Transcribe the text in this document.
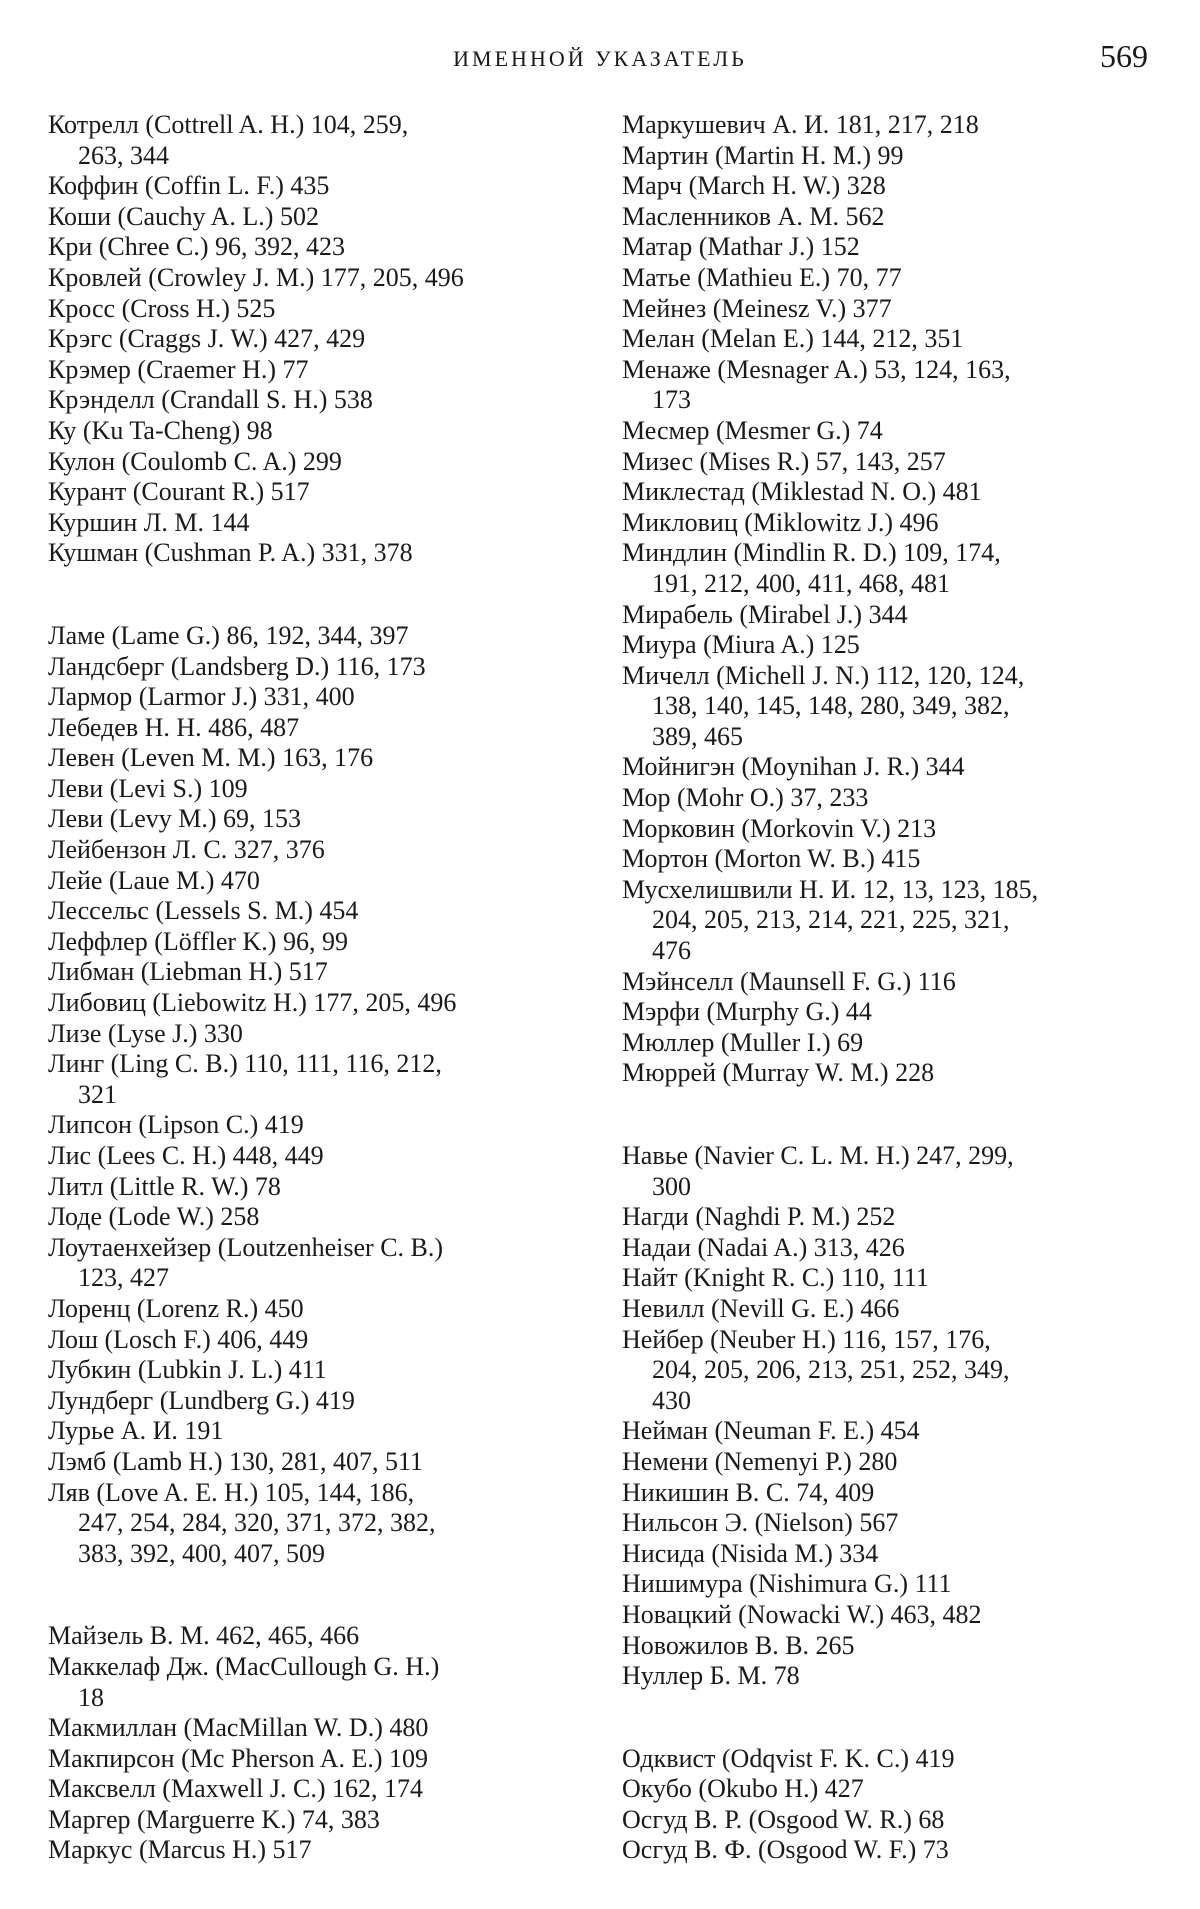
ИМЕННОЙ УКАЗАТЕЛЬ	569
Котрелл (Cottrell A. H.) 104, 259,
263, 344
Коффин (Coffin L. F.) 435
Коши (Cauchy A. L.) 502
Кри (Chree C.) 96, 392, 423
Кровлей (Crowley J. M.) 177, 205, 496
Кросс (Cross H.) 525
Крэгс (Craggs J. W.) 427, 429
Крэмер (Craemer H.) 77
Крэнделл (Crandall S. H.) 538
Ку (Ku Ta-Cheng) 98
Кулон (Coulomb C. A.) 299
Курант (Courant R.) 517
Куршин Л. М. 144
Кушман (Cushman P. A.) 331, 378
Ламе (Lame G.) 86, 192, 344, 397
Ландсберг (Landsberg D.) 116, 173
Лармор (Larmor J.) 331, 400
Лебедев Н. Н. 486, 487
Левен (Leven M. M.) 163, 176
Леви (Levi S.) 109
Леви (Levy M.) 69, 153
Лейбензон Л. С. 327, 376
Лейе (Laue M.) 470
Лессельс (Lessels S. M.) 454
Леффлер (Löffler K.) 96, 99
Либман (Liebman H.) 517
Либовиц (Liebowitz H.) 177, 205, 496
Лизе (Lyse J.) 330
Линг (Ling C. B.) 110, 111, 116, 212,
321
Липсон (Lipson C.) 419
Лис (Lees C. H.) 448, 449
Литл (Little R. W.) 78
Лоде (Lode W.) 258
Лоутаенхейзер (Loutzenheiser C. B.)
123, 427
Лоренц (Lorenz R.) 450
Лош (Losch F.) 406, 449
Лубкин (Lubkin J. L.) 411
Лундберг (Lundberg G.) 419
Лурье А. И. 191
Лэмб (Lamb H.) 130, 281, 407, 511
Ляв (Love A. E. H.) 105, 144, 186,
247, 254, 284, 320, 371, 372, 382,
383, 392, 400, 407, 509
Майзель В. М. 462, 465, 466
Маккелаф Дж. (MacCullough G. H.)
18
Макмиллан (MacMillan W. D.) 480
Макпирсон (Mc Pherson A. E.) 109
Максвелл (Maxwell J. C.) 162, 174
Маргер (Marguerre K.) 74, 383
Маркус (Marcus H.) 517
Маркушевич А. И. 181, 217, 218
Мартин (Martin H. M.) 99
Марч (March H. W.) 328
Масленников А. М. 562
Матар (Mathar J.) 152
Матье (Mathieu E.) 70, 77
Мейнез (Meinesz V.) 377
Мелан (Melan E.) 144, 212, 351
Менаже (Mesnager A.) 53, 124, 163,
173
Месмер (Mesmer G.) 74
Мизес (Mises R.) 57, 143, 257
Миклестад (Miklestad N. O.) 481
Микловиц (Miklowitz J.) 496
Миндлин (Mindlin R. D.) 109, 174,
191, 212, 400, 411, 468, 481
Мирабель (Mirabel J.) 344
Миура (Miura A.) 125
Мичелл (Michell J. N.) 112, 120, 124,
138, 140, 145, 148, 280, 349, 382,
389, 465
Мойнигэн (Moynihan J. R.) 344
Мор (Mohr O.) 37, 233
Морковин (Morkovin V.) 213
Мортон (Morton W. B.) 415
Мусхелишвили Н. И. 12, 13, 123, 185,
204, 205, 213, 214, 221, 225, 321,
476
Мэйнселл (Maunsell F. G.) 116
Мэрфи (Murphy G.) 44
Мюллер (Muller I.) 69
Мюррей (Murray W. M.) 228
Навье (Navier C. L. M. H.) 247, 299,
300
Нагди (Naghdi P. M.) 252
Надаи (Nadai A.) 313, 426
Найт (Knight R. C.) 110, 111
Невилл (Nevill G. E.) 466
Нейбер (Neuber H.) 116, 157, 176,
204, 205, 206, 213, 251, 252, 349,
430
Нейман (Neuman F. E.) 454
Немени (Nemenyi P.) 280
Никишин В. С. 74, 409
Нильсон Э. (Nielson) 567
Нисида (Nisida M.) 334
Нишимура (Nishimura G.) 111
Новацкий (Nowacki W.) 463, 482
Новожилов В. В. 265
Нуллер Б. М. 78
Одквист (Odqvist F. K. C.) 419
Окубо (Okubo H.) 427
Осгуд В. Р. (Osgood W. R.) 68
Осгуд В. Ф. (Osgood W. F.) 73
